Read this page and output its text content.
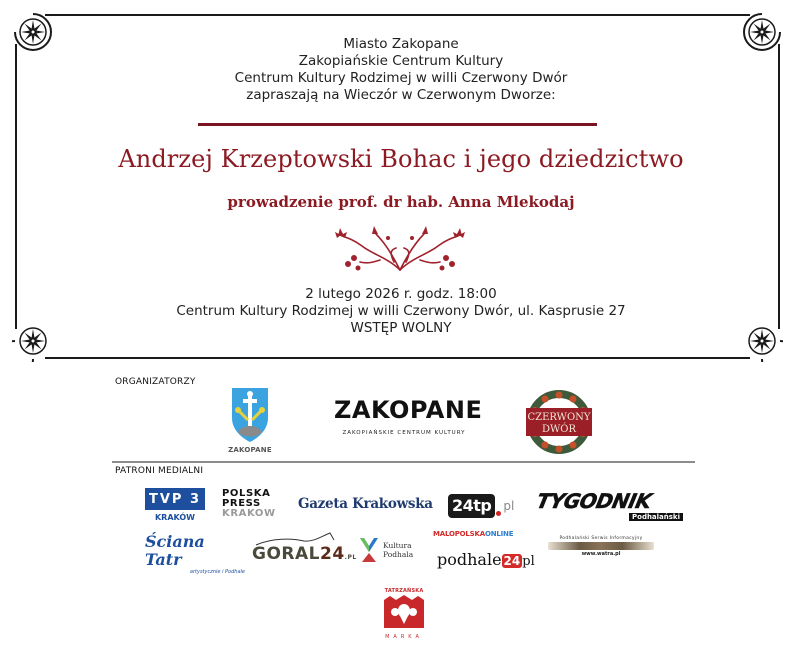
Miasto Zakopane
Zakopiańskie Centrum Kultury
Centrum Kultury Rodzimej w willi Czerwony Dwór
zapraszają na Wieczór w Czerwonym Dworze:
Andrzej Krzeptowski Bohac i jego dziedzictwo
prowadzenie prof. dr hab. Anna Mlekodaj
2 lutego 2026 r. godz. 18:00
Centrum Kultury Rodzimej w willi Czerwony Dwór, ul. Kasprusie 27
WSTĘP WOLNY
ORGANIZATORZY
ZAKOPANE
ZAKOPANE
ZAKOPIAŃSKIE CENTRUM KULTURY
CZERWONY
DWÓR
PATRONI MEDIALNI
TVP 3
KRAKÓW
POLSKA
PRESS
KRAKOW
Gazeta Krakowska	24tp	pl TYGODNIK
Podhalański
Ściana Tatr
artystycznie i Podhale
GORAL24.PL
Kultura
Podhala
MALOPOLSKAONLINE
podhale 24 pl
Podhalański Serwis Informacyjny
www.watra.pl
TATRZAŃSKA
MARKA
